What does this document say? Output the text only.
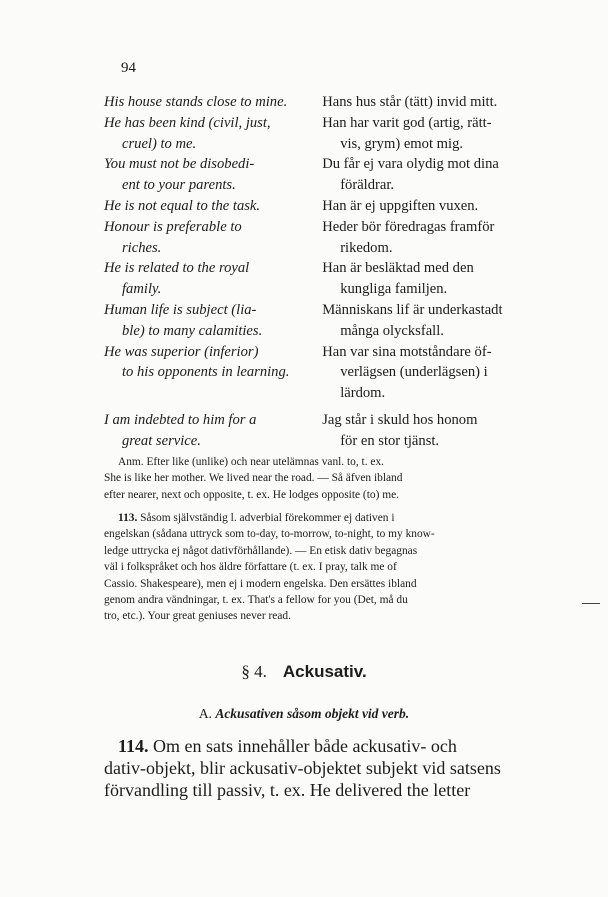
94
His house stands close to mine.	Hans hus står (tätt) invid mitt.
He has been kind (civil, just,
cruel) to me.
Han har varit god (artig, rätt-
vis, grym) emot mig.
You must not be disobedi-
ent to your parents.
Du får ej vara olydig mot dina
föräldrar.
He is not equal to the task.	Han är ej uppgiften vuxen.
Honour is preferable to
riches.
Heder bör föredragas framför
rikedom.
He is related to the royal
family.
Han är besläktad med den
kungliga familjen.
Human life is subject (lia-
ble) to many calamities.
Människans lif är underkastadt
många olycksfall.
He was superior (inferior)
to his opponents in learning.
Han var sina motståndare öf-
verlägsen (underlägsen) i
lärdom.
I am indebted to him for a
great service.
Jag står i skuld hos honom
för en stor tjänst.
Anm. Efter like (unlike) och near utelämnas vanl. to, t. ex.
She is like her mother. We lived near the road. — Så äfven ibland
efter nearer, next och opposite, t. ex. He lodges opposite (to) me.
113. Såsom självständig l. adverbial förekommer ej dativen i
engelskan (sådana uttryck som to-day, to-morrow, to-night, to my know-
ledge uttrycka ej något dativförhållande). — En etisk dativ begagnas
väl i folkspråket och hos äldre författare (t. ex. I pray, talk me of
Cassio. Shakespeare), men ej i modern engelska. Den ersättes ibland
genom andra vändningar, t. ex. That's a fellow for you (Det, må du
tro, etc.). Your great geniuses never read.
§ 4. Ackusativ.
A. Ackusativen såsom objekt vid verb.
114. Om en sats innehåller både ackusativ- och
dativ-objekt, blir ackusativ-objektet subjekt vid satsens
förvandling till passiv, t. ex. He delivered the letter
